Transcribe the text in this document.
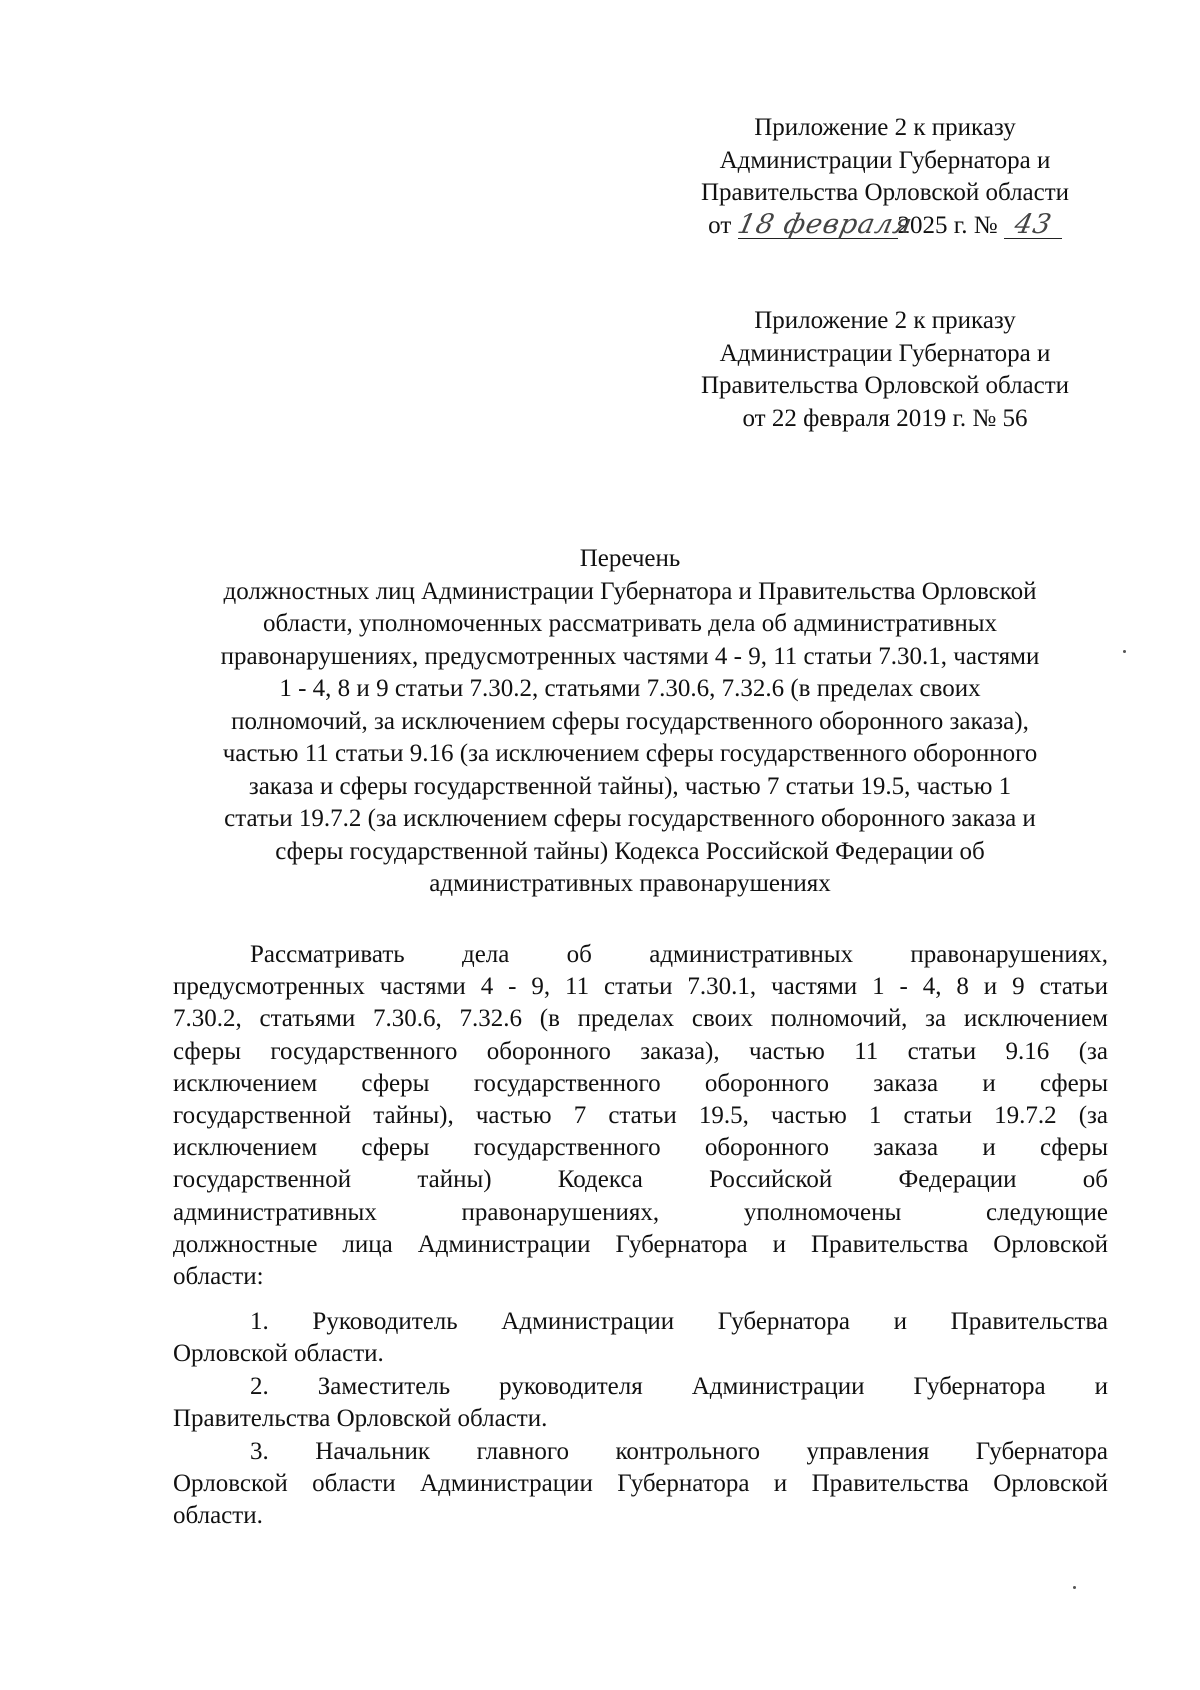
Приложение 2 к приказу
Администрации Губернатора и
Правительства Орловской области
от 18 февраля2025 г. № 43
Приложение 2 к приказу
Администрации Губернатора и
Правительства Орловской области
от 22 февраля 2019 г. № 56
Перечень
должностных лиц Администрации Губернатора и Правительства Орловской
области, уполномоченных рассматривать дела об административных
правонарушениях, предусмотренных частями 4 - 9, 11 статьи 7.30.1, частями
1 - 4, 8 и 9 статьи 7.30.2, статьями 7.30.6, 7.32.6 (в пределах своих
полномочий, за исключением сферы государственного оборонного заказа),
частью 11 статьи 9.16 (за исключением сферы государственного оборонного
заказа и сферы государственной тайны), частью 7 статьи 19.5, частью 1
статьи 19.7.2 (за исключением сферы государственного оборонного заказа и
сферы государственной тайны) Кодекса Российской Федерации об
административных правонарушениях
Рассматривать дела об административных правонарушениях,
предусмотренных частями 4 - 9, 11 статьи 7.30.1, частями 1 - 4, 8 и 9 статьи
7.30.2, статьями 7.30.6, 7.32.6 (в пределах своих полномочий, за исключением
сферы государственного оборонного заказа), частью 11 статьи 9.16 (за
исключением сферы государственного оборонного заказа и сферы
государственной тайны), частью 7 статьи 19.5, частью 1 статьи 19.7.2 (за
исключением сферы государственного оборонного заказа и сферы
государственной тайны) Кодекса Российской Федерации об
административных правонарушениях, уполномочены следующие
должностные лица Администрации Губернатора и Правительства Орловской
области:
1. Руководитель Администрации Губернатора и Правительства
Орловской области.
2. Заместитель руководителя Администрации Губернатора и
Правительства Орловской области.
3. Начальник главного контрольного управления Губернатора
Орловской области Администрации Губернатора и Правительства Орловской
области.
